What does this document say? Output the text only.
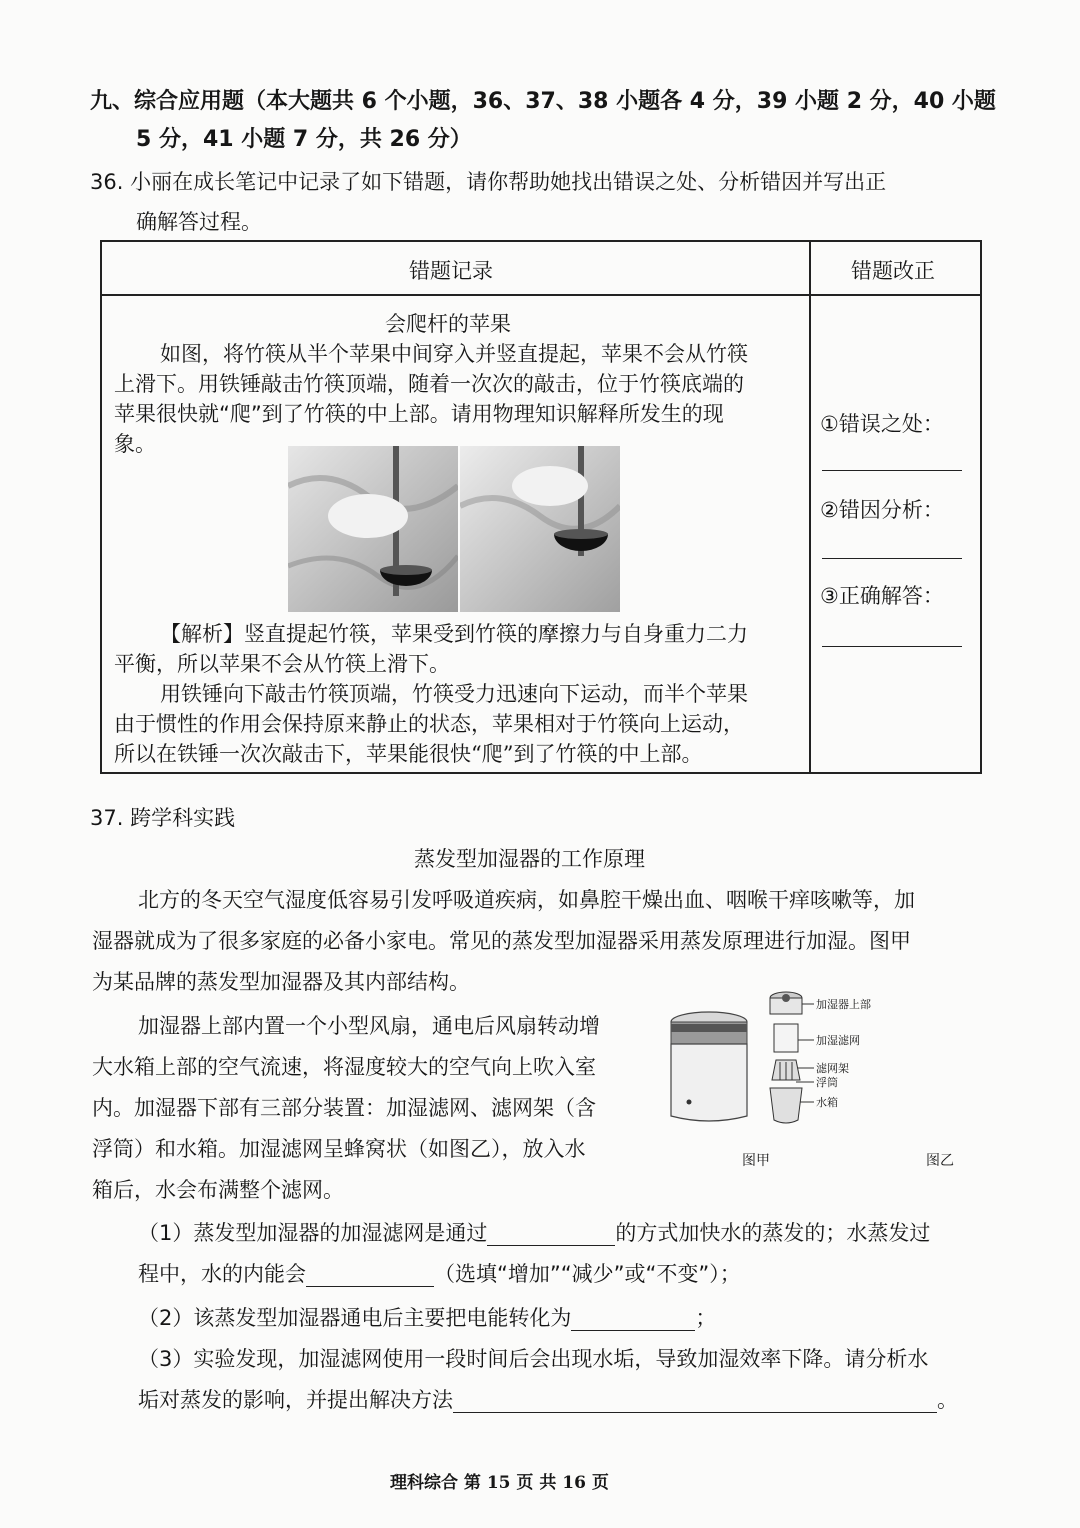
九、综合应用题（本大题共 6 个小题，36、37、38 小题各 4 分，39 小题 2 分，40 小题
5 分，41 小题 7 分，共 26 分）
36. 小丽在成长笔记中记录了如下错题，请你帮助她找出错误之处、分析错因并写出正
确解答过程。
错题记录	错题改正
会爬杆的苹果
如图，将竹筷从半个苹果中间穿入并竖直提起，苹果不会从竹筷
上滑下。用铁锤敲击竹筷顶端，随着一次次的敲击，位于竹筷底端的
苹果很快就“爬”到了竹筷的中上部。请用物理知识解释所发生的现
象。
【解析】竖直提起竹筷，苹果受到竹筷的摩擦力与自身重力二力
平衡，所以苹果不会从竹筷上滑下。
用铁锤向下敲击竹筷顶端，竹筷受力迅速向下运动，而半个苹果
由于惯性的作用会保持原来静止的状态，苹果相对于竹筷向上运动，
所以在铁锤一次次敲击下，苹果能很快“爬”到了竹筷的中上部。
①错误之处：
②错因分析：
③正确解答：
37. 跨学科实践
蒸发型加湿器的工作原理
北方的冬天空气湿度低容易引发呼吸道疾病，如鼻腔干燥出血、咽喉干痒咳嗽等，加
湿器就成为了很多家庭的必备小家电。常见的蒸发型加湿器采用蒸发原理进行加湿。图甲
为某品牌的蒸发型加湿器及其内部结构。
加湿器上部内置一个小型风扇，通电后风扇转动增
大水箱上部的空气流速，将湿度较大的空气向上吹入室
内。加湿器下部有三部分装置：加湿滤网、滤网架（含
浮筒）和水箱。加湿滤网呈蜂窝状（如图乙），放入水
箱后，水会布满整个滤网。
加湿器上部
加湿滤网
滤网架
浮筒
水箱
图甲	图乙
（1）蒸发型加湿器的加湿滤网是通过	的方式加快水的蒸发的；水蒸发过
程中，水的内能会	（选填“增加”“减少”或“不变”）；
（2）该蒸发型加湿器通电后主要把电能转化为	；
（3）实验发现，加湿滤网使用一段时间后会出现水垢，导致加湿效率下降。请分析水
垢对蒸发的影响，并提出解决方法	。
理科综合 第 15 页 共 16 页
